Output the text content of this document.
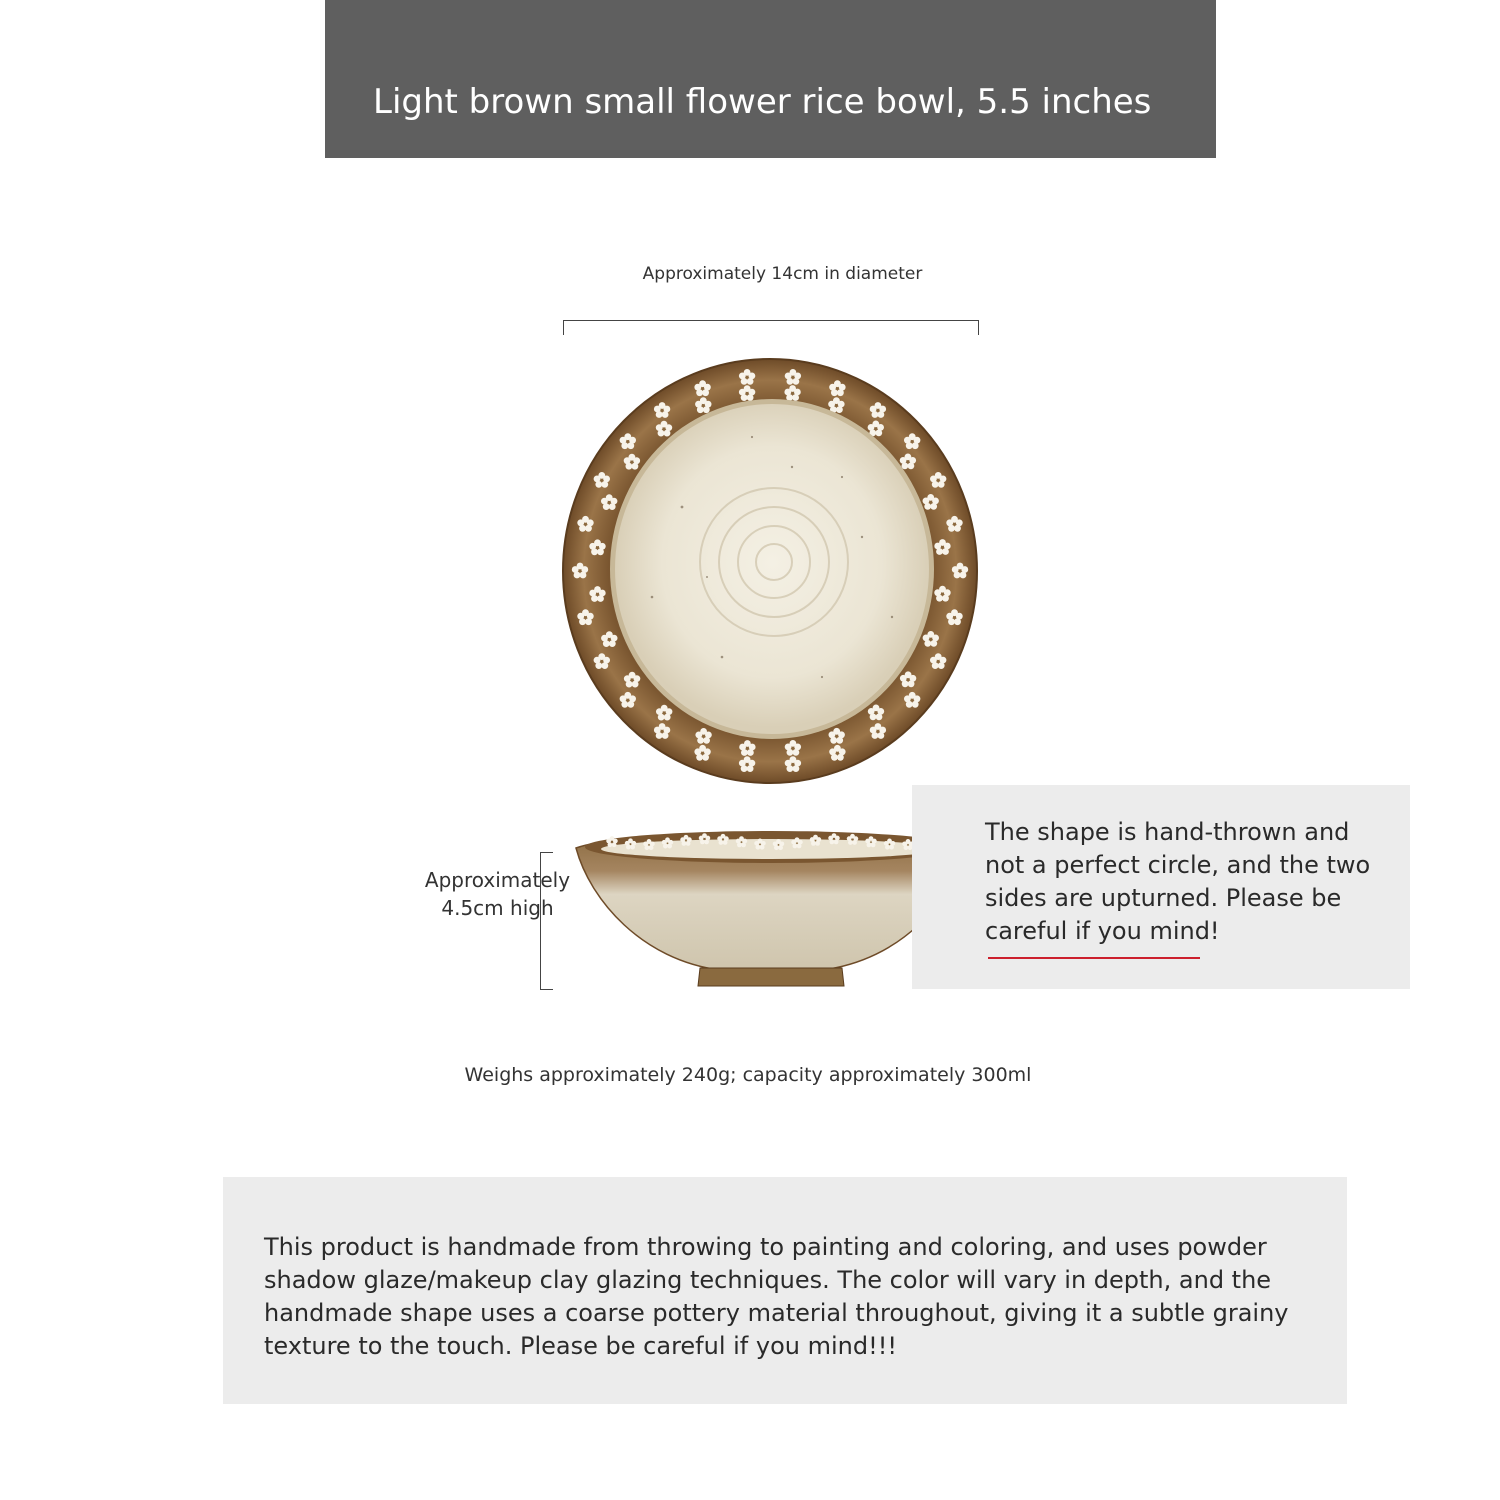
Light brown small flower rice bowl, 5.5 inches
Approximately 14cm in diameter
Approximately 4.5cm high
The shape is hand-thrown and not a perfect circle, and the two sides are upturned. Please be careful if you mind!
Weighs approximately 240g; capacity approximately 300ml
This product is handmade from throwing to painting and coloring, and uses powder shadow glaze/makeup clay glazing techniques. The color will vary in depth, and the handmade shape uses a coarse pottery material throughout, giving it a subtle grainy texture to the touch. Please be careful if you mind!!!
